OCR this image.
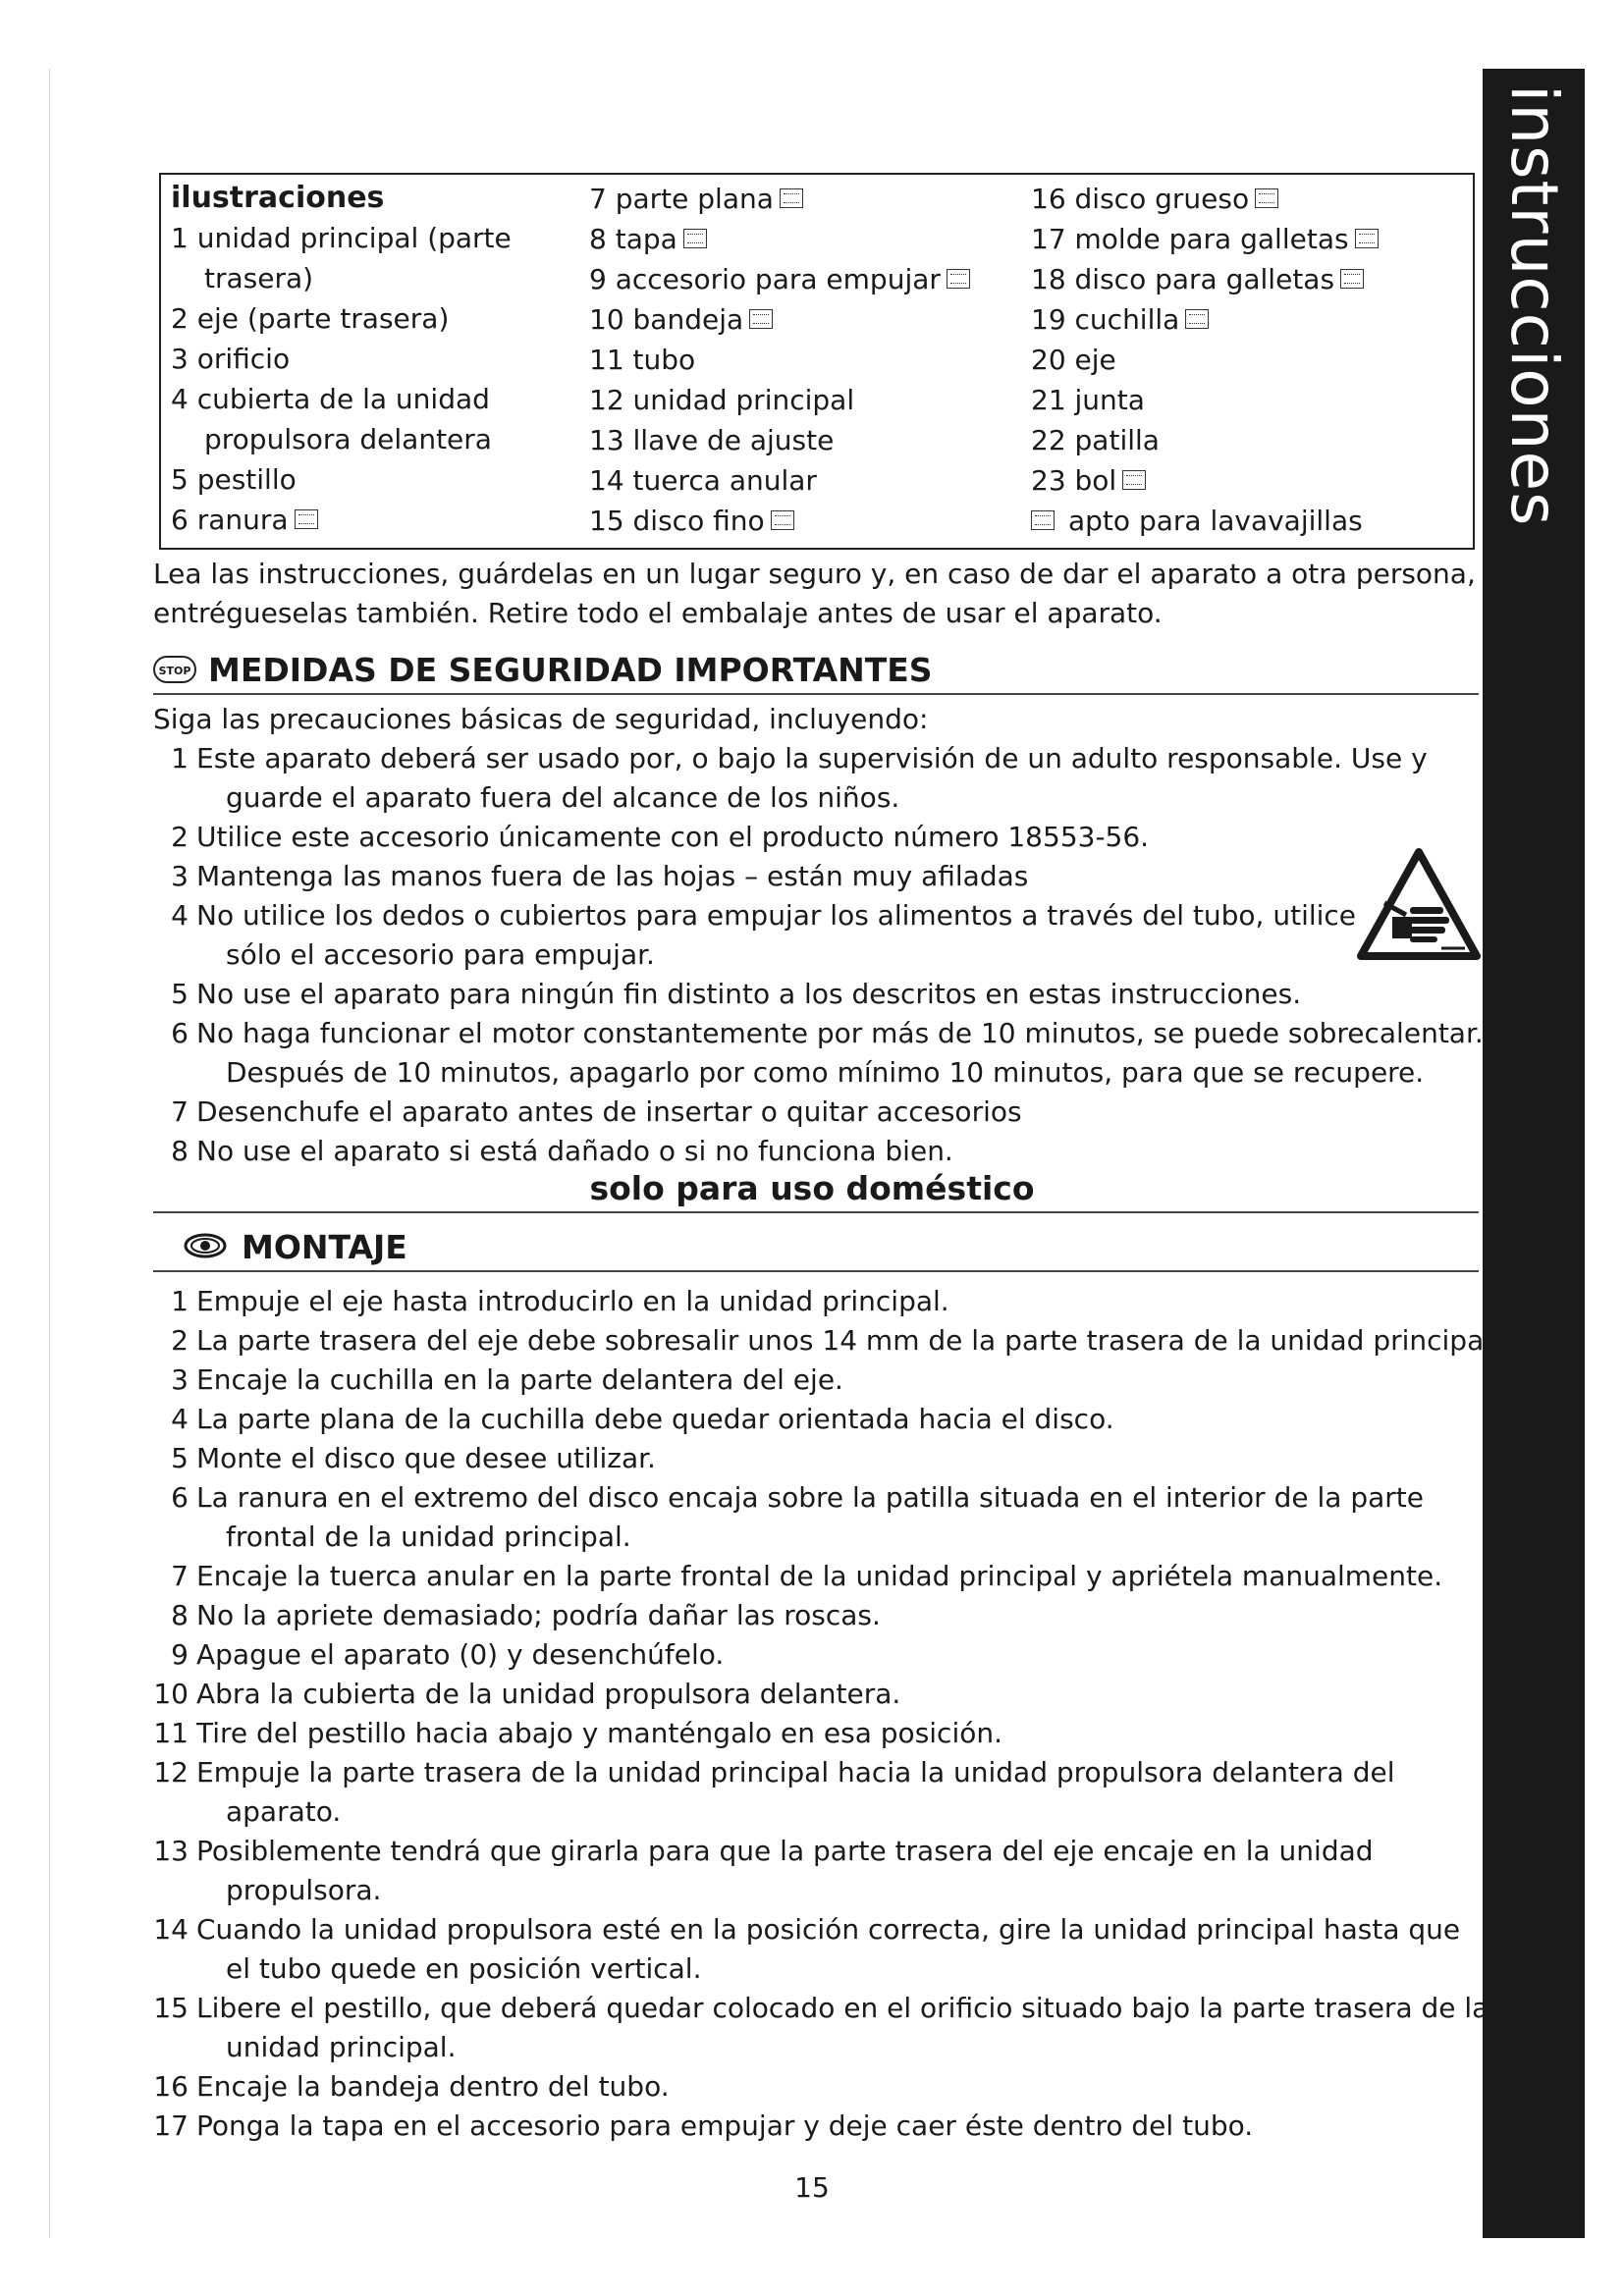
instrucciones
ilustraciones
1 unidad principal (parte
trasera)
2 eje (parte trasera)
3 orificio
4 cubierta de la unidad
propulsora delantera
5 pestillo
6 ranura
7 parte plana
8 tapa
9 accesorio para empujar
10 bandeja
11 tubo
12 unidad principal
13 llave de ajuste
14 tuerca anular
15 disco fino
16 disco grueso
17 molde para galletas
18 disco para galletas
19 cuchilla
20 eje
21 junta
22 patilla
23 bol
apto para lavavajillas
Lea las instrucciones, guárdelas en un lugar seguro y, en caso de dar el aparato a otra persona,
entrégueselas también. Retire todo el embalaje antes de usar el aparato.
STOP MEDIDAS DE SEGURIDAD IMPORTANTES
Siga las precauciones básicas de seguridad, incluyendo:
1 Este aparato deberá ser usado por, o bajo la supervisión de un adulto responsable. Use y
guarde el aparato fuera del alcance de los niños.
2 Utilice este accesorio únicamente con el producto número 18553-56.
3 Mantenga las manos fuera de las hojas – están muy afiladas
4 No utilice los dedos o cubiertos para empujar los alimentos a través del tubo, utilice
sólo el accesorio para empujar.
5 No use el aparato para ningún fin distinto a los descritos en estas instrucciones.
6 No haga funcionar el motor constantemente por más de 10 minutos, se puede sobrecalentar.
Después de 10 minutos, apagarlo por como mínimo 10 minutos, para que se recupere.
7 Desenchufe el aparato antes de insertar o quitar accesorios
8 No use el aparato si está dañado o si no funciona bien.
solo para uso doméstico
MONTAJE
1 Empuje el eje hasta introducirlo en la unidad principal.
2 La parte trasera del eje debe sobresalir unos 14 mm de la parte trasera de la unidad principal.
3 Encaje la cuchilla en la parte delantera del eje.
4 La parte plana de la cuchilla debe quedar orientada hacia el disco.
5 Monte el disco que desee utilizar.
6 La ranura en el extremo del disco encaja sobre la patilla situada en el interior de la parte
frontal de la unidad principal.
7 Encaje la tuerca anular en la parte frontal de la unidad principal y apriétela manualmente.
8 No la apriete demasiado; podría dañar las roscas.
9 Apague el aparato (0) y desenchúfelo.
10 Abra la cubierta de la unidad propulsora delantera.
11 Tire del pestillo hacia abajo y manténgalo en esa posición.
12 Empuje la parte trasera de la unidad principal hacia la unidad propulsora delantera del
aparato.
13 Posiblemente tendrá que girarla para que la parte trasera del eje encaje en la unidad
propulsora.
14 Cuando la unidad propulsora esté en la posición correcta, gire la unidad principal hasta que
el tubo quede en posición vertical.
15 Libere el pestillo, que deberá quedar colocado en el orificio situado bajo la parte trasera de la
unidad principal.
16 Encaje la bandeja dentro del tubo.
17 Ponga la tapa en el accesorio para empujar y deje caer éste dentro del tubo.
15
